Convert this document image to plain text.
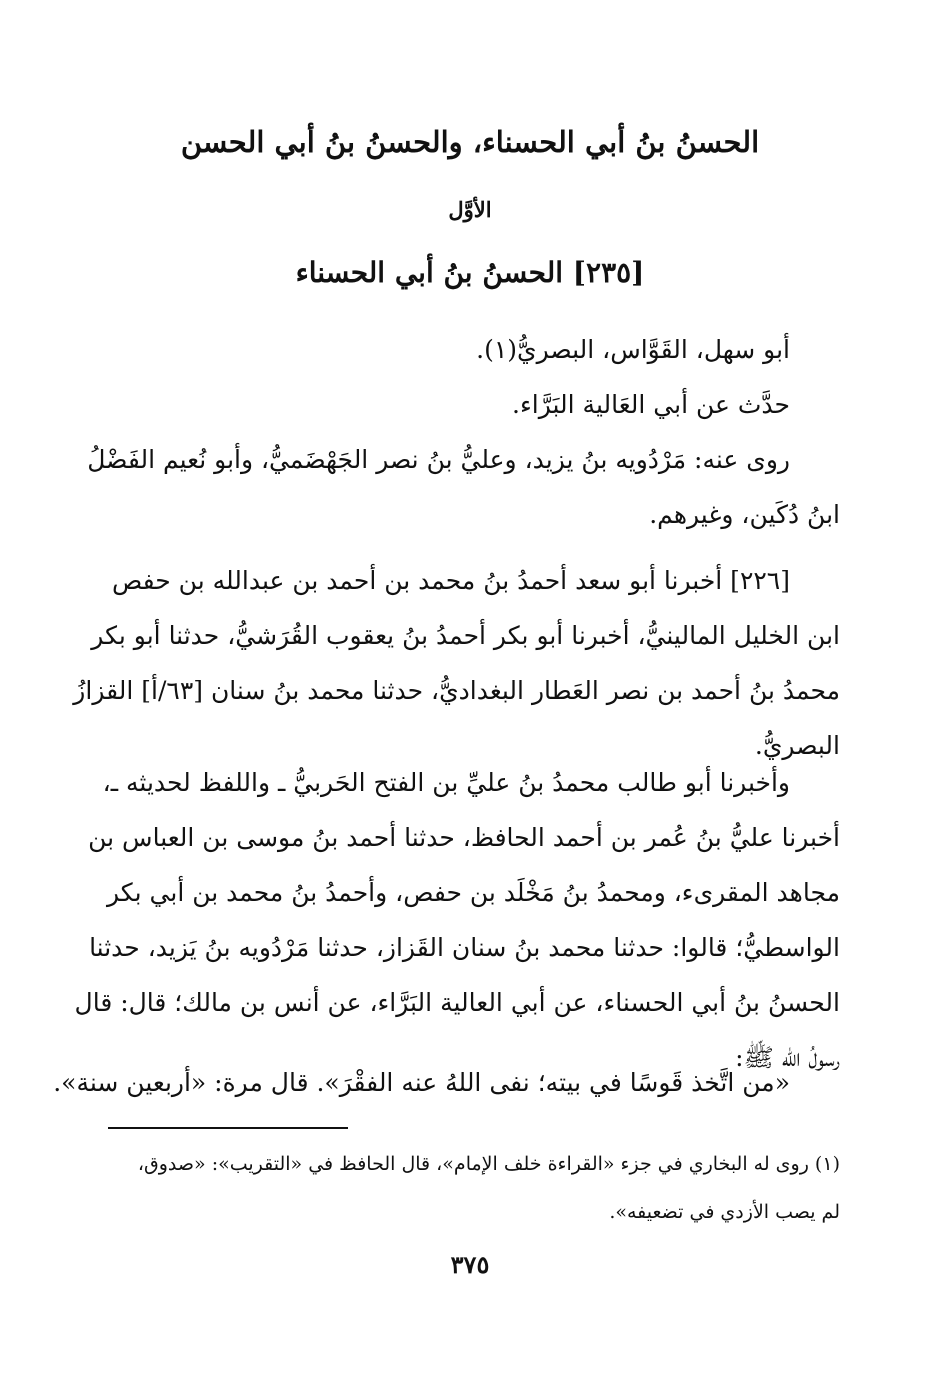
الحسنُ بنُ أبي الحسناء، والحسنُ بنُ أبي الحسن
الأوَّل
[٢٣٥] الحسنُ بنُ أبي الحسناء
أبو سهل، القَوَّاس، البصريُّ(١).
حدَّث عن أبي العَالية البَرَّاء.
روى عنه: مَرْدُويه بنُ يزيد، وعليُّ بنُ نصر الجَهْضَميُّ، وأبو نُعيم الفَضْلُ
ابنُ دُكَين، وغيرهم.
[٢٢٦] أخبرنا أبو سعد أحمدُ بنُ محمد بن أحمد بن عبدالله بن حفص
ابن الخليل المالينيُّ، أخبرنا أبو بكر أحمدُ بنُ يعقوب القُرَشيُّ، حدثنا أبو بكر
محمدُ بنُ أحمد بن نصر العَطار البغداديُّ، حدثنا محمد بنُ سنان [٦٣/أ] القزازُ
البصريُّ.
وأخبرنا أبو طالب محمدُ بنُ عليِّ بن الفتح الحَربيُّ ـ واللفظ لحديثه ـ،
أخبرنا عليُّ بنُ عُمر بن أحمد الحافظ، حدثنا أحمد بنُ موسى بن العباس بن
مجاهد المقرىء، ومحمدُ بنُ مَخْلَد بن حفص، وأحمدُ بنُ محمد بن أبي بكر
الواسطيُّ؛ قالوا: حدثنا محمد بنُ سنان القَزاز، حدثنا مَرْدُويه بنُ يَزيد، حدثنا
الحسنُ بنُ أبي الحسناء، عن أبي العالية البَرَّاء، عن أنس بن مالك؛ قال: قال
رسولُ الله ﷺ:
«من اتَّخذ قَوسًا في بيته؛ نفى اللهُ عنه الفقْرَ». قال مرة: «أربعين سنة».
(١) روى له البخاري في جزء «القراءة خلف الإمام»، قال الحافظ في «التقريب»: «صدوق،
لم يصب الأزدي في تضعيفه».
٣٧٥
